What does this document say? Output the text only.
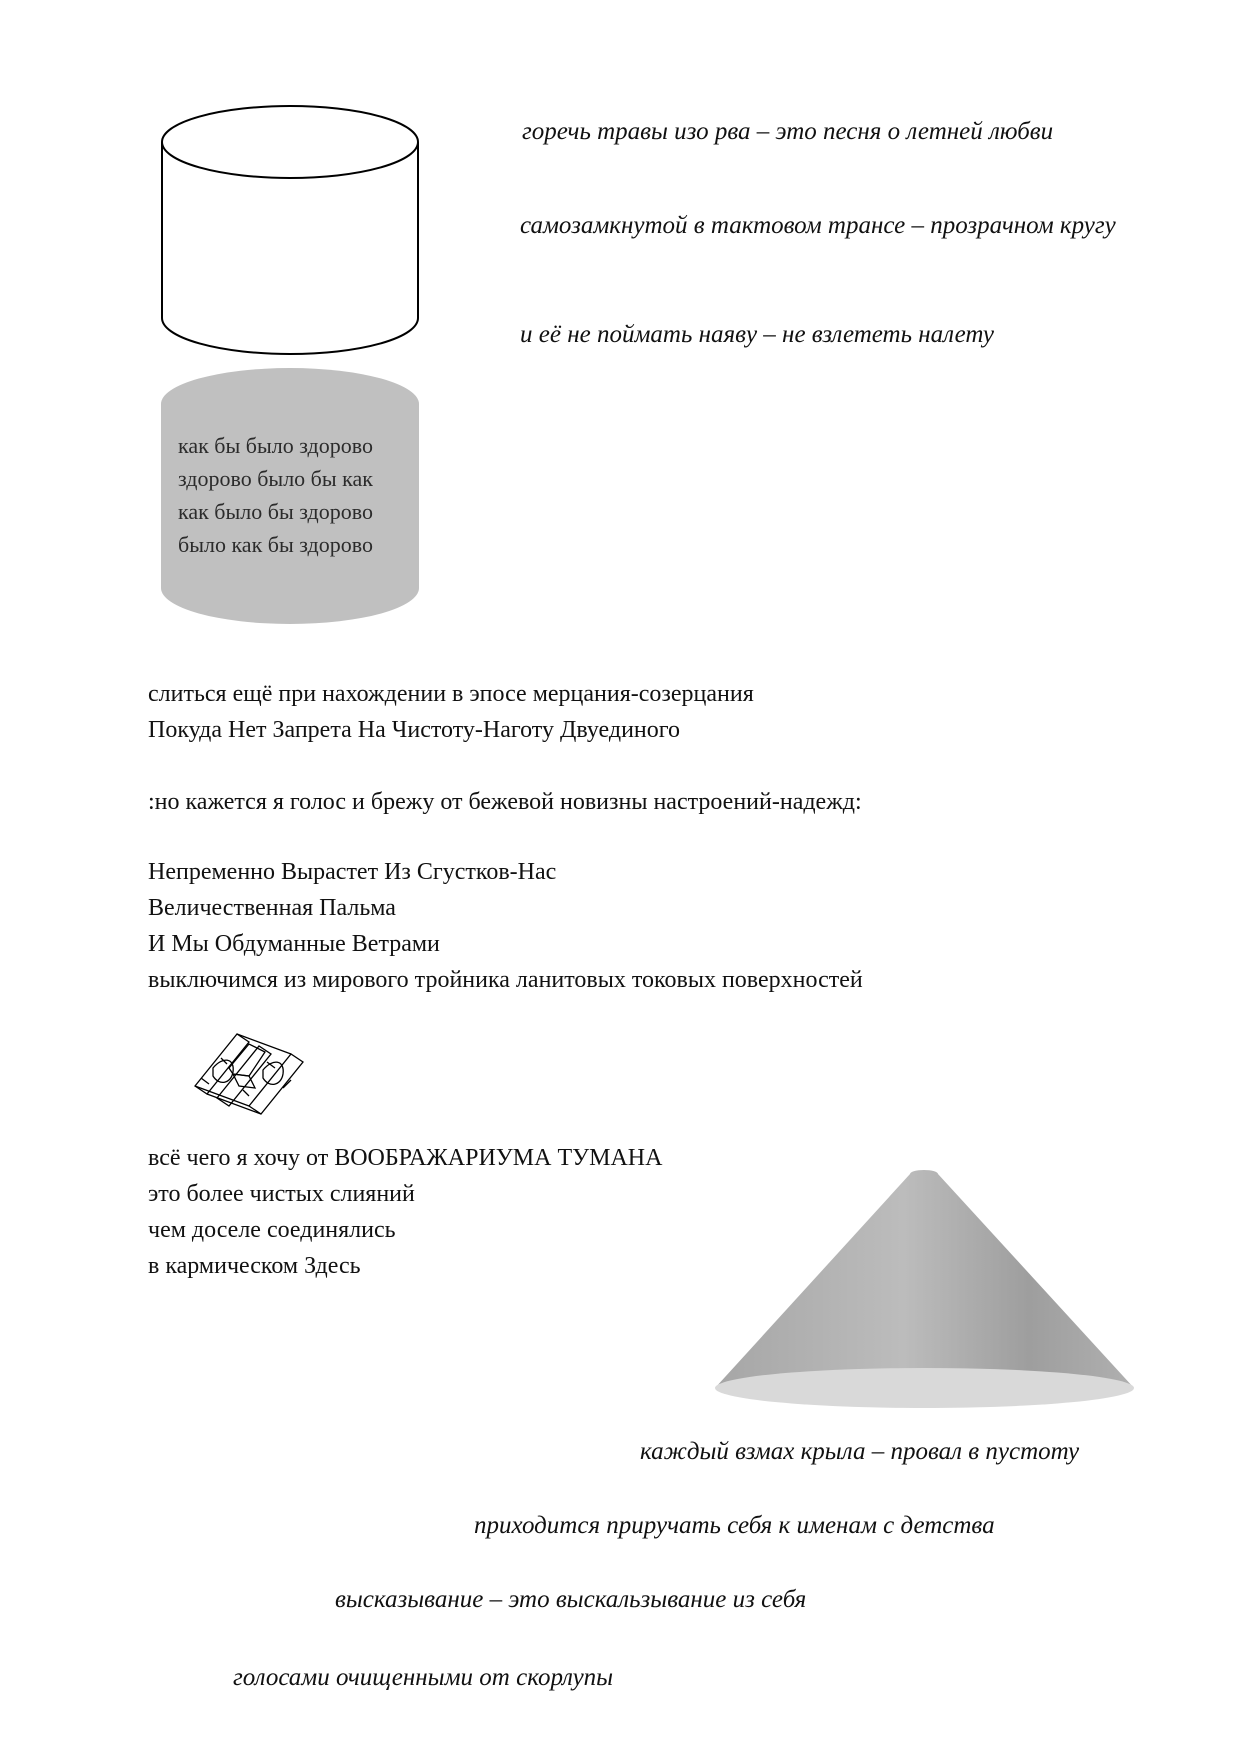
как бы было здорово
здорово было бы как
как было бы здорово
было как бы здорово
горечь травы изо рва – это песня о летней любви
самозамкнутой в тактовом трансе – прозрачном кругу
и её не поймать наяву – не взлететь налету
слиться ещё при нахождении в эпосе мерцания-созерцания
Покуда Нет Запрета На Чистоту-Наготу Двуединого
:но кажется я голос и брежу от бежевой новизны настроений-надежд:
Непременно Вырастет Из Сгустков-Нас
Величественная Пальма
И Мы Обдуманные Ветрами
выключимся из мирового тройника ланитовых токовых поверхностей
всё чего я хочу от ВООБРАЖАРИУМА ТУМАНА
это более чистых слияний
чем доселе соединялись
в кармическом Здесь
каждый взмах крыла – провал в пустоту
приходится приручать себя к именам с детства
высказывание – это выскальзывание из себя
голосами очищенными от скорлупы
